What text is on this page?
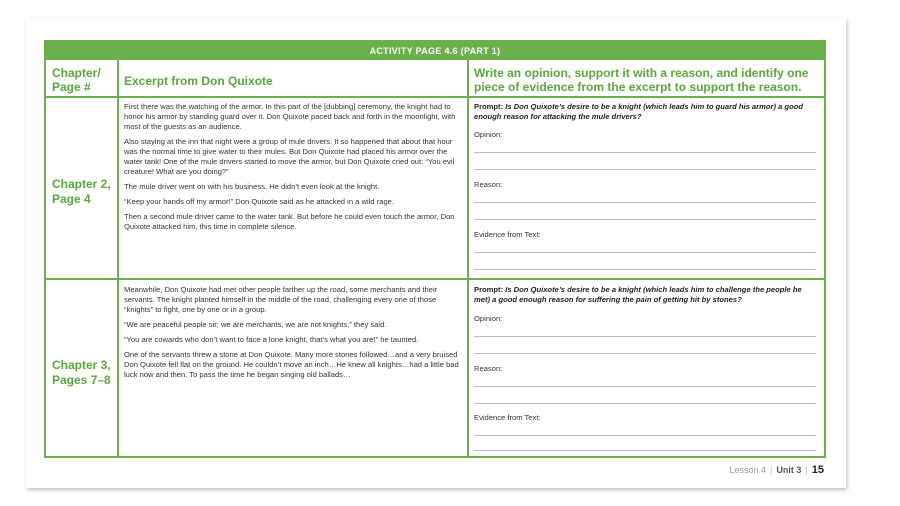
ACTIVITY PAGE 4.6 (PART 1)
Chapter/ Page #	Excerpt from Don Quixote
Write an opinion, support it with a reason, and identify one piece of evidence from the excerpt to support the reason.
Chapter 2, Page 4

First there was the watching of the armor. In this part of the [dubbing] ceremony, the knight had to honor his armor by standing guard over it. Don Quixote paced back and forth in the moonlight, with most of the guests as an audience.

Also staying at the inn that night were a group of mule drivers. It so happened that about that hour was the normal time to give water to their mules. But Don Quixote had placed his armor over the water tank! One of the mule drivers started to move the armor, but Don Quixote cried out: “You evil creature! What are you doing?”

The mule driver went on with his business. He didn’t even look at the knight.

“Keep your hands off my armor!” Don Quixote said as he attacked in a wild rage.

Then a second mule driver came to the water tank. But before he could even touch the armor, Don Quixote attacked him, this time in complete silence.

Prompt: Is Don Quixote’s desire to be a knight (which leads him to guard his armor) a good enough reason for attacking the mule drivers?
Opinion:
Reason:
Evidence from Text:
Chapter 3, Pages 7–8

Meanwhile, Don Quixote had met other people farther up the road, some merchants and their servants. The knight planted himself in the middle of the road, challenging every one of those “knights” to fight, one by one or in a group.

“We are peaceful people sir; we are merchants, we are not knights,” they said.

“You are cowards who don’t want to face a lone knight, that’s what you are!” he taunted.

One of the servants threw a stone at Don Quixote. Many more stones followed…and a very bruised Don Quixote fell flat on the ground. He couldn’t move an inch…He knew all knights…had a little bad luck now and then. To pass the time he began singing old ballads…

Prompt: Is Don Quixote’s desire to be a knight (which leads him to challenge the people he met) a good enough reason for suffering the pain of getting hit by stones?
Opinion:
Reason:
Evidence from Text:
Lesson 4 | Unit 3 | 15
